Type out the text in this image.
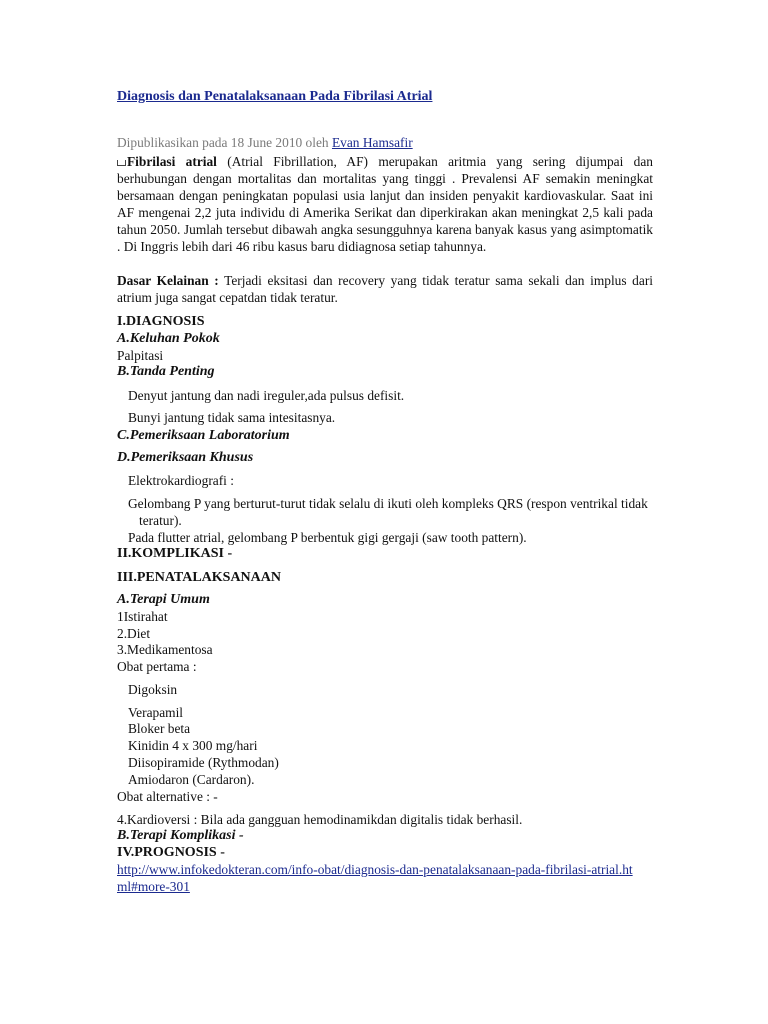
Diagnosis dan Penatalaksanaan Pada Fibrilasi Atrial
Dipublikasikan pada 18 June 2010 oleh Evan Hamsafir
Fibrilasi atrial (Atrial Fibrillation, AF) merupakan aritmia yang sering dijumpai dan berhubungan dengan mortalitas dan mortalitas yang tinggi . Prevalensi AF semakin meningkat bersamaan dengan peningkatan populasi usia lanjut dan insiden penyakit kardiovaskular. Saat ini AF mengenai 2,2 juta individu di Amerika Serikat dan diperkirakan akan meningkat 2,5 kali pada tahun 2050. Jumlah tersebut dibawah angka sesungguhnya karena banyak kasus yang asimptomatik . Di Inggris lebih dari 46 ribu kasus baru didiagnosa setiap tahunnya.
Dasar Kelainan : Terjadi eksitasi dan recovery yang tidak teratur sama sekali dan implus dari atrium juga sangat cepatdan tidak teratur.
I.DIAGNOSIS
A.Keluhan Pokok
Palpitasi
B.Tanda Penting
Denyut jantung dan nadi ireguler,ada pulsus defisit.
Bunyi jantung tidak sama intesitasnya.
C.Pemeriksaan Laboratorium
D.Pemeriksaan Khusus
Elektrokardiografi :
Gelombang P yang berturut-turut tidak selalu di ikuti oleh kompleks QRS (respon ventrikal tidak teratur).
Pada flutter atrial, gelombang P berbentuk gigi gergaji (saw tooth pattern).
II.KOMPLIKASI -
III.PENATALAKSANAAN
A.Terapi Umum
1Istirahat
2.Diet
3.Medikamentosa
Obat pertama :
Digoksin
Verapamil
Bloker beta
Kinidin 4 x 300 mg/hari
Diisopiramide (Rythmodan)
Amiodaron (Cardaron).
Obat alternative : -
4.Kardioversi : Bila ada gangguan hemodinamikdan digitalis tidak berhasil.
B.Terapi Komplikasi -
IV.PROGNOSIS -
http://www.infokedokteran.com/info-obat/diagnosis-dan-penatalaksanaan-pada-fibrilasi-atrial.html#more-301
